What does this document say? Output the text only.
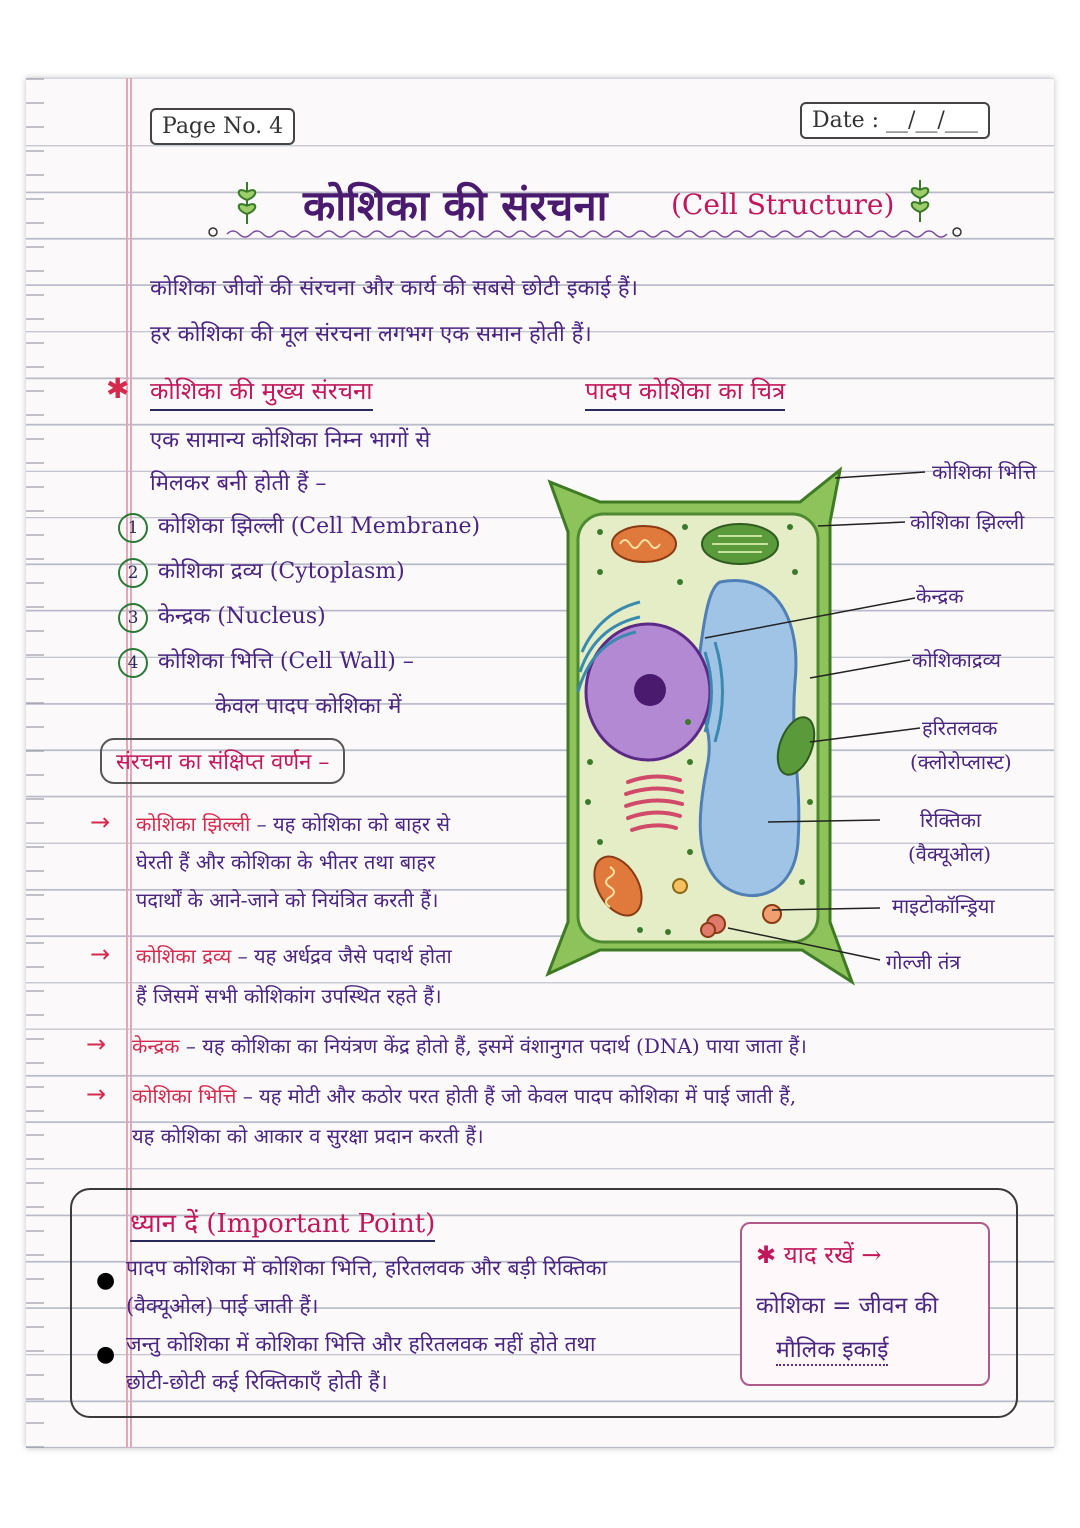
Page No. 4	Date : __/__/___
कोशिका की संरचना (Cell Structure)
कोशिका जीवों की संरचना और कार्य की सबसे छोटी इकाई हैं।
हर कोशिका की मूल संरचना लगभग एक समान होती हैं।
✱ कोशिका की मुख्य संरचना
एक सामान्य कोशिका निम्न भागों से
मिलकर बनी होती हैं –
1 कोशिका झिल्ली (Cell Membrane)
2 कोशिका द्रव्य (Cytoplasm)
3 केन्द्रक (Nucleus)
4 कोशिका भित्ति (Cell Wall) –
केवल पादप कोशिका में
पादप कोशिका का चित्र
कोशिका भित्ति
कोशिका झिल्ली
केन्द्रक
कोशिकाद्रव्य
हरितलवक
(क्लोरोप्लास्ट)
रिक्तिका
(वैक्यूओल)
माइटोकॉन्ड्रिया
गोल्जी तंत्र
संरचना का संक्षिप्त वर्णन –
→ कोशिका झिल्ली – यह कोशिका को बाहर से
घेरती हैं और कोशिका के भीतर तथा बाहर
पदार्थों के आने-जाने को नियंत्रित करती हैं।
→ कोशिका द्रव्य – यह अर्धद्रव जैसे पदार्थ होता
हैं जिसमें सभी कोशिकांग उपस्थित रहते हैं।
→ केन्द्रक – यह कोशिका का नियंत्रण केंद्र होतो हैं, इसमें वंशानुगत पदार्थ (DNA) पाया जाता हैं।
→ कोशिका भित्ति – यह मोटी और कठोर परत होती हैं जो केवल पादप कोशिका में पाई जाती हैं,
यह कोशिका को आकार व सुरक्षा प्रदान करती हैं।
ध्यान दें (Important Point)
● पादप कोशिका में कोशिका भित्ति, हरितलवक और बड़ी रिक्तिका
(वैक्यूओल) पाई जाती हैं।
● जन्तु कोशिका में कोशिका भित्ति और हरितलवक नहीं होते तथा
छोटी-छोटी कई रिक्तिकाएँ होती हैं।
✱ याद रखें →
कोशिका = जीवन की
मौलिक इकाई
